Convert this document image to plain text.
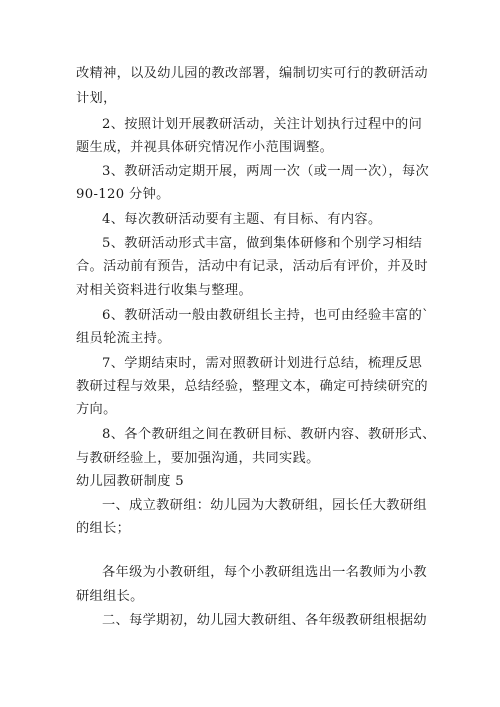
改精神，以及幼儿园的教改部署，编制切实可行的教研活动
计划，
2、按照计划开展教研活动，关注计划执行过程中的问
题生成，并视具体研究情况作小范围调整。
3、教研活动定期开展，两周一次（或一周一次），每次
90-120 分钟。
4、每次教研活动要有主题、有目标、有内容。
5、教研活动形式丰富，做到集体研修和个别学习相结
合。活动前有预告，活动中有记录，活动后有评价，并及时
对相关资料进行收集与整理。
6、教研活动一般由教研组长主持，也可由经验丰富的`
组员轮流主持。
7、学期结束时，需对照教研计划进行总结，梳理反思
教研过程与效果，总结经验，整理文本，确定可持续研究的
方向。
8、各个教研组之间在教研目标、教研内容、教研形式、
与教研经验上，要加强沟通，共同实践。
幼儿园教研制度 5
一、成立教研组：幼儿园为大教研组，园长任大教研组
的组长；
各年级为小教研组，每个小教研组选出一名教师为小教
研组组长。
二、每学期初，幼儿园大教研组、各年级教研组根据幼
